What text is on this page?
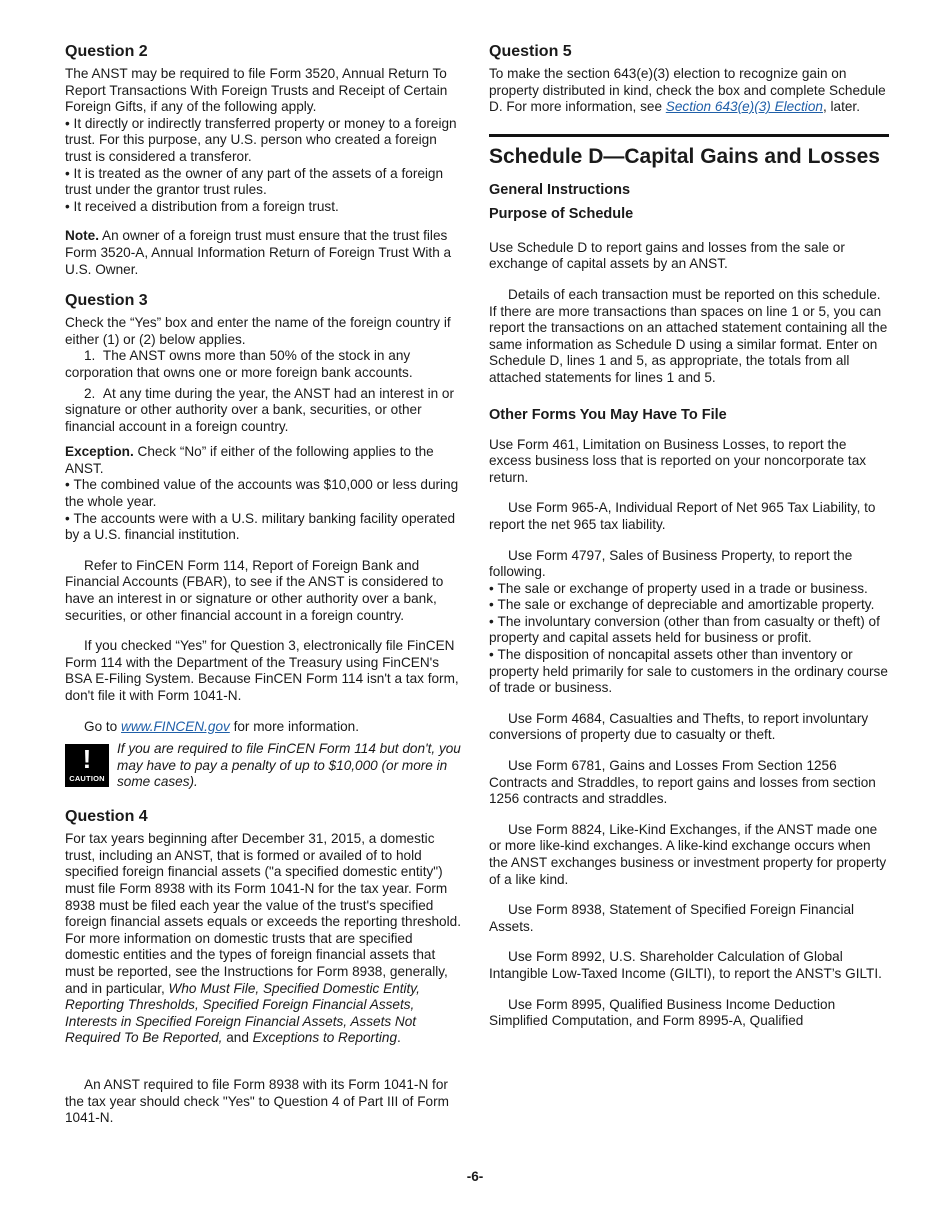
Question 2

The ANST may be required to file Form 3520, Annual Return To Report Transactions With Foreign Trusts and Receipt of Certain Foreign Gifts, if any of the following apply.

• It directly or indirectly transferred property or money to a foreign trust. For this purpose, any U.S. person who created a foreign trust is considered a transferor.
• It is treated as the owner of any part of the assets of a foreign trust under the grantor trust rules.
• It received a distribution from a foreign trust.

Note. An owner of a foreign trust must ensure that the trust files Form 3520-A, Annual Information Return of Foreign Trust With a U.S. Owner.

Question 3

Check the “Yes” box and enter the name of the foreign country if either (1) or (2) below applies.

1.  The ANST owns more than 50% of the stock in any corporation that owns one or more foreign bank accounts.

2.  At any time during the year, the ANST had an interest in or signature or other authority over a bank, securities, or other financial account in a foreign country.

Exception. Check “No” if either of the following applies to the ANST.

• The combined value of the accounts was $10,000 or less during the whole year.
• The accounts were with a U.S. military banking facility operated by a U.S. financial institution.

Refer to FinCEN Form 114, Report of Foreign Bank and Financial Accounts (FBAR), to see if the ANST is considered to have an interest in or signature or other authority over a bank, securities, or other financial account in a foreign country.

If you checked “Yes” for Question 3, electronically file FinCEN Form 114 with the Department of the Treasury using FinCEN's BSA E-Filing System. Because FinCEN Form 114 isn't a tax form, don't file it with Form 1041-N.

Go to www.FINCEN.gov for more information.

!
CAUTION

If you are required to file FinCEN Form 114 but don't, you may have to pay a penalty of up to $10,000 (or more in some cases).

Question 4

For tax years beginning after December 31, 2015, a domestic trust, including an ANST, that is formed or availed of to hold specified foreign financial assets ("a specified domestic entity") must file Form 8938 with its Form 1041-N for the tax year. Form 8938 must be filed each year the value of the trust's specified foreign financial assets equals or exceeds the reporting threshold. For more information on domestic trusts that are specified domestic entities and the types of foreign financial assets that must be reported, see the Instructions for Form 8938, generally, and in particular, Who Must File, Specified Domestic Entity, Reporting Thresholds, Specified Foreign Financial Assets, Interests in Specified Foreign Financial Assets, Assets Not Required To Be Reported, and Exceptions to Reporting.

An ANST required to file Form 8938 with its Form 1041-N for the tax year should check "Yes" to Question 4 of Part III of Form 1041-N.

Question 5

To make the section 643(e)(3) election to recognize gain on property distributed in kind, check the box and complete Schedule D. For more information, see Section 643(e)(3) Election, later.

Schedule D—Capital Gains and Losses
General Instructions
Purpose of Schedule

Use Schedule D to report gains and losses from the sale or exchange of capital assets by an ANST.

Details of each transaction must be reported on this schedule. If there are more transactions than spaces on line 1 or 5, you can report the transactions on an attached statement containing all the same information as Schedule D using a similar format. Enter on Schedule D, lines 1 and 5, as appropriate, the totals from all attached statements for lines 1 and 5.

Other Forms You May Have To File

Use Form 461, Limitation on Business Losses, to report the excess business loss that is reported on your noncorporate tax return.

Use Form 965-A, Individual Report of Net 965 Tax Liability, to report the net 965 tax liability.

Use Form 4797, Sales of Business Property, to report the following.

• The sale or exchange of property used in a trade or business.
• The sale or exchange of depreciable and amortizable property.
• The involuntary conversion (other than from casualty or theft) of property and capital assets held for business or profit.
• The disposition of noncapital assets other than inventory or property held primarily for sale to customers in the ordinary course of trade or business.

Use Form 4684, Casualties and Thefts, to report involuntary conversions of property due to casualty or theft.

Use Form 6781, Gains and Losses From Section 1256 Contracts and Straddles, to report gains and losses from section 1256 contracts and straddles.

Use Form 8824, Like-Kind Exchanges, if the ANST made one or more like-kind exchanges. A like-kind exchange occurs when the ANST exchanges business or investment property for property of a like kind.

Use Form 8938, Statement of Specified Foreign Financial Assets.

Use Form 8992, U.S. Shareholder Calculation of Global Intangible Low-Taxed Income (GILTI), to report the ANST’s GILTI.

Use Form 8995, Qualified Business Income Deduction Simplified Computation, and Form 8995-A, Qualified

-6-
